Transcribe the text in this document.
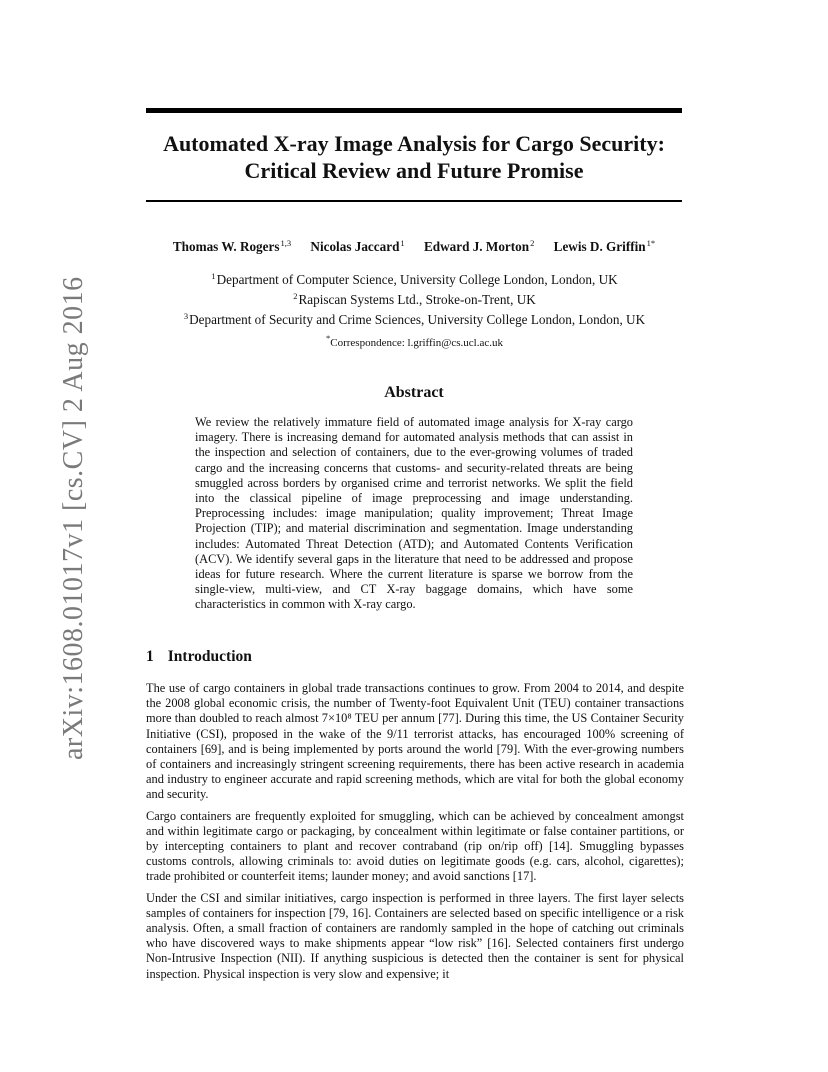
arXiv:1608.01017v1 [cs.CV] 2 Aug 2016
Automated X-ray Image Analysis for Cargo Security:
Critical Review and Future Promise
Thomas W. Rogers$^{1,3}$ Nicolas Jaccard$^1$ Edward J. Morton$^2$ Lewis D. Griffin$^{1*}$
$^1$Department of Computer Science, University College London, London, UK
$^2$Rapiscan Systems Ltd., Stroke-on-Trent, UK
$^3$Department of Security and Crime Sciences, University College London, London, UK
*Correspondence: l.griffin@cs.ucl.ac.uk
Abstract
We review the relatively immature field of automated image analysis for X-ray cargo imagery. There is increasing demand for automated analysis methods that can assist in the inspection and selection of containers, due to the ever-growing volumes of traded cargo and the increasing concerns that customs- and security-related threats are being smuggled across borders by organised crime and terrorist networks. We split the field into the classical pipeline of image preprocessing and image understanding. Preprocessing includes: image manipulation; quality improvement; Threat Image Projection (TIP); and material discrimination and segmentation. Image understanding includes: Automated Threat Detection (ATD); and Automated Contents Verification (ACV). We identify several gaps in the literature that need to be addressed and propose ideas for future research. Where the current literature is sparse we borrow from the single-view, multi-view, and CT X-ray baggage domains, which have some characteristics in common with X-ray cargo.
1 Introduction

The use of cargo containers in global trade transactions continues to grow. From 2004 to 2014, and despite the 2008 global economic crisis, the number of Twenty-foot Equivalent Unit (TEU) container transactions more than doubled to reach almost 7×10⁸ TEU per annum [77]. During this time, the US Container Security Initiative (CSI), proposed in the wake of the 9/11 terrorist attacks, has encouraged 100% screening of containers [69], and is being implemented by ports around the world [79]. With the ever-growing numbers of containers and increasingly stringent screening requirements, there has been active research in academia and industry to engineer accurate and rapid screening methods, which are vital for both the global economy and security.

Cargo containers are frequently exploited for smuggling, which can be achieved by concealment amongst and within legitimate cargo or packaging, by concealment within legitimate or false container partitions, or by intercepting containers to plant and recover contraband (rip on/rip off) [14]. Smuggling bypasses customs controls, allowing criminals to: avoid duties on legitimate goods (e.g. cars, alcohol, cigarettes); trade prohibited or counterfeit items; launder money; and avoid sanctions [17].

Under the CSI and similar initiatives, cargo inspection is performed in three layers. The first layer selects samples of containers for inspection [79, 16]. Containers are selected based on specific intelligence or a risk analysis. Often, a small fraction of containers are randomly sampled in the hope of catching out criminals who have discovered ways to make shipments appear “low risk” [16]. Selected containers first undergo Non-Intrusive Inspection (NII). If anything suspicious is detected then the container is sent for physical inspection. Physical inspection is very slow and expensive; it
